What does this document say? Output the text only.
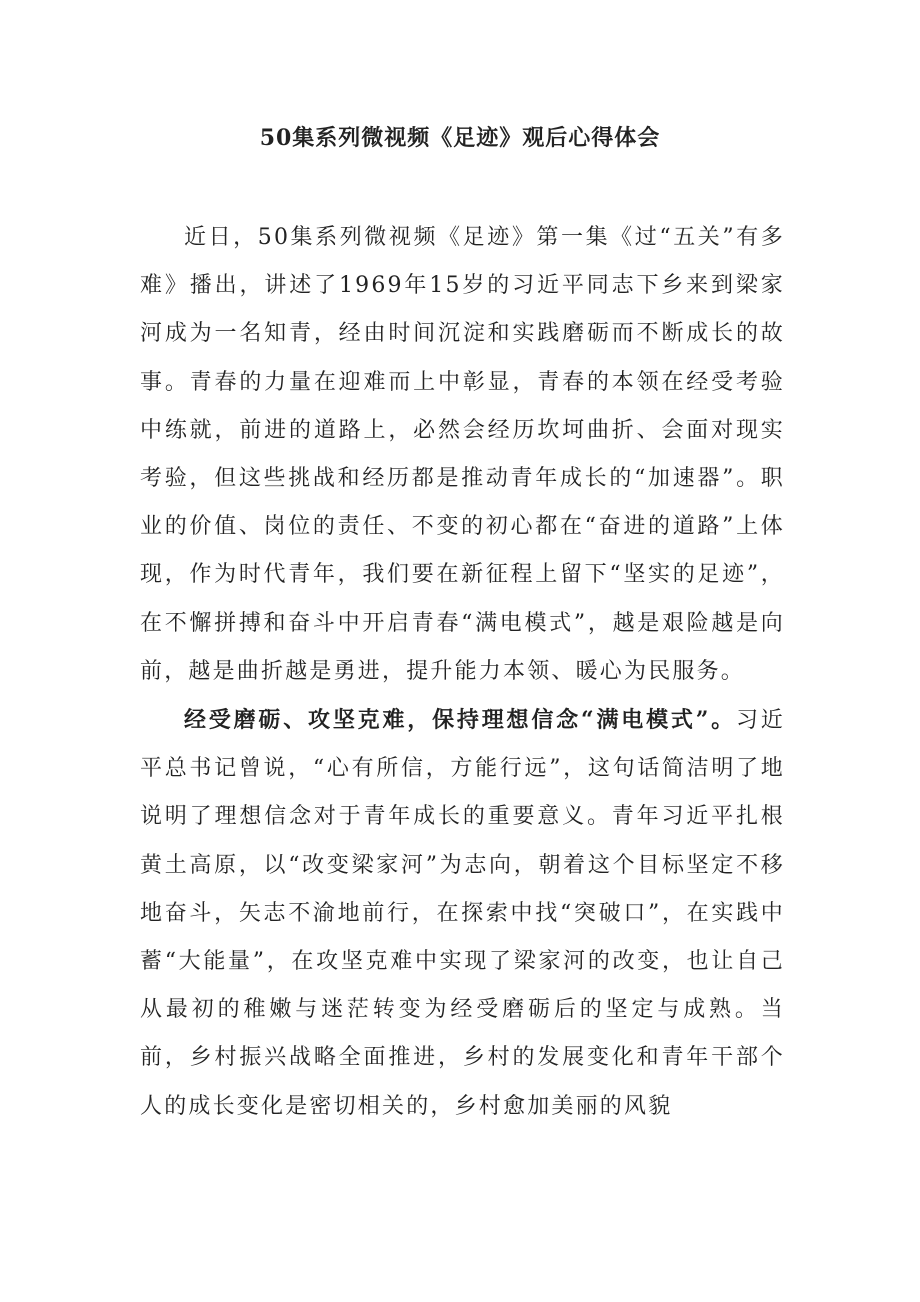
50集系列微视频《足迹》观后心得体会

近日，50集系列微视频《足迹》第一集《过“五关”有多难》播出，讲述了1969年15岁的习近平同志下乡来到梁家河成为一名知青，经由时间沉淀和实践磨砺而不断成长的故事。青春的力量在迎难而上中彰显，青春的本领在经受考验中练就，前进的道路上，必然会经历坎坷曲折、会面对现实考验，但这些挑战和经历都是推动青年成长的“加速器”。职业的价值、岗位的责任、不变的初心都在“奋进的道路”上体现，作为时代青年，我们要在新征程上留下“坚实的足迹”，在不懈拼搏和奋斗中开启青春“满电模式”，越是艰险越是向前，越是曲折越是勇进，提升能力本领、暖心为民服务。

经受磨砺、攻坚克难，保持理想信念“满电模式”。习近平总书记曾说，“心有所信，方能行远”，这句话简洁明了地说明了理想信念对于青年成长的重要意义。青年习近平扎根黄土高原，以“改变梁家河”为志向，朝着这个目标坚定不移地奋斗，矢志不渝地前行，在探索中找“突破口”，在实践中蓄“大能量”，在攻坚克难中实现了梁家河的改变，也让自己从最初的稚嫩与迷茫转变为经受磨砺后的坚定与成熟。当前，乡村振兴战略全面推进，乡村的发展变化和青年干部个人的成长变化是密切相关的，乡村愈加美丽的风貌
